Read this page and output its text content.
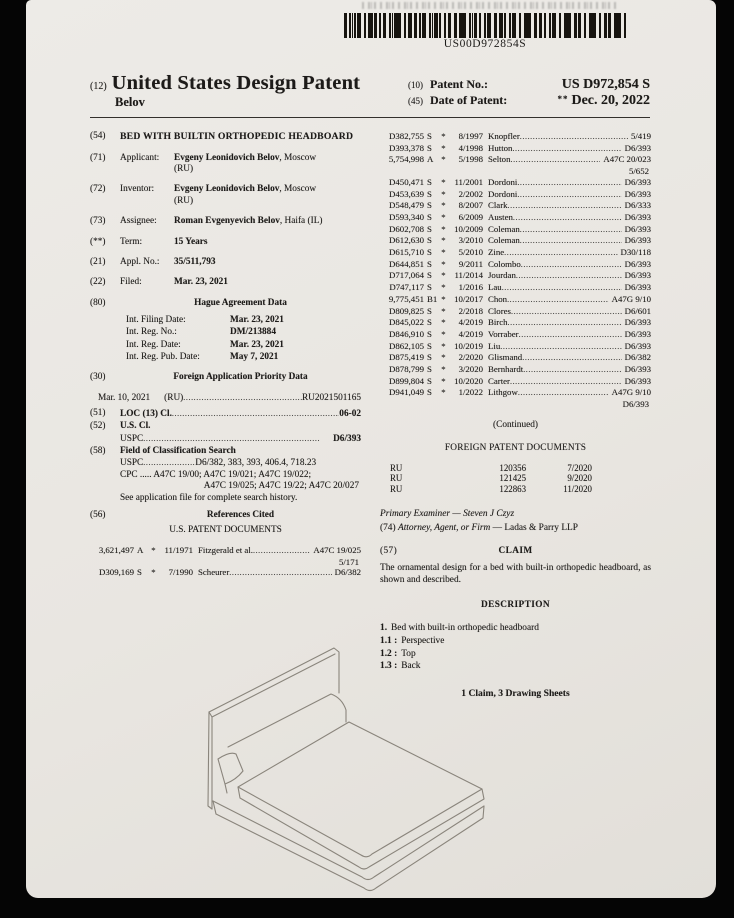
US00D972854S
(12) United States Design Patent
Belov
(10) Patent No.:	US D972,854 S
(45) Date of Patent:	** Dec. 20, 2022
(54)	BED WITH BUILTIN ORTHOPEDIC HEADBOARD
(71)	Applicant:	Evgeny Leonidovich Belov, Moscow
(RU)
(72)	Inventor:	Evgeny Leonidovich Belov, Moscow
(RU)
(73)	Assignee:	Roman Evgenyevich Belov, Haifa (IL)
(**)	Term:	15 Years
(21)	Appl. No.:	35/511,793
(22)	Filed:	Mar. 23, 2021
(80)	Hague Agreement Data
Int. Filing Date:	Mar. 23, 2021
Int. Reg. No.:	DM/213884
Int. Reg. Date:	Mar. 23, 2021
Int. Reg. Pub. Date:	May 7, 2021
(30)	Foreign Application Priority Data
Mar. 10, 2021 (RU) .....	RU2021501165
(51)	LOC (13) Cl. .....	06-02
(52)	U.S. Cl.
USPC .....	D6/393
(58)	Field of Classification Search
USPC .....	D6/382, 383, 393, 406.4, 718.23
CPC ..... A47C 19/00; A47C 19/021; A47C 19/022;
A47C 19/025; A47C 19/22; A47C 20/027
See application file for complete search history.
(56)	References Cited
U.S. PATENT DOCUMENTS
3,621,497 A * 11/1971 Fitzgerald et al. .....	A47C 19/025
5/171
D309,169 S	*	7/1990 Scheurer .....	D6/382
D382,755 S	*	8/1997 Knopfler .....	5/419
D393,378 S	*	4/1998 Hutton .....	D6/393
5,754,998 A *	5/1998 Selton .....	A47C 20/023
5/652
D450,471 S	* 11/2001 Dordoni .....	D6/393
D453,639 S	*	2/2002 Dordoni .....	D6/393
D548,479 S	*	8/2007 Clark .....	D6/333
D593,340 S	*	6/2009 Austen .....	D6/393
D602,708 S	* 10/2009 Coleman .....	D6/393
D612,630 S	*	3/2010 Coleman .....	D6/393
D615,710 S	*	5/2010 Zine .....	D30/118
D644,851 S	*	9/2011 Colombo .....	D6/393
D717,064 S	* 11/2014 Jourdan .....	D6/393
D747,117 S	*	1/2016 Lau .....	D6/393
9,775,451 B1 * 10/2017 Chon .....	A47G 9/10
D809,825 S	*	2/2018 Clores .....	D6/601
D845,022 S	*	4/2019 Birch .....	D6/393
D846,910 S	*	4/2019 Vorraber .....	D6/393
D862,105 S	* 10/2019 Liu .....	D6/393
D875,419 S	*	2/2020 Glismand .....	D6/382
D878,799 S	*	3/2020 Bernhardt .....	D6/393
D899,804 S	* 10/2020 Carter .....	D6/393
D941,049 S	*	1/2022 Lithgow .....	A47G 9/10
D6/393
(Continued)
FOREIGN PATENT DOCUMENTS
RU	120356	7/2020
RU	121425	9/2020
RU	122863	11/2020
Primary Examiner — Steven J Czyz
(74) Attorney, Agent, or Firm — Ladas & Parry LLP
(57)	CLAIM
The ornamental design for a bed with built-in orthopedic headboard, as shown and described.
DESCRIPTION
1. Bed with built-in orthopedic headboard
1.1 : Perspective
1.2 : Top
1.3 : Back
1 Claim, 3 Drawing Sheets
